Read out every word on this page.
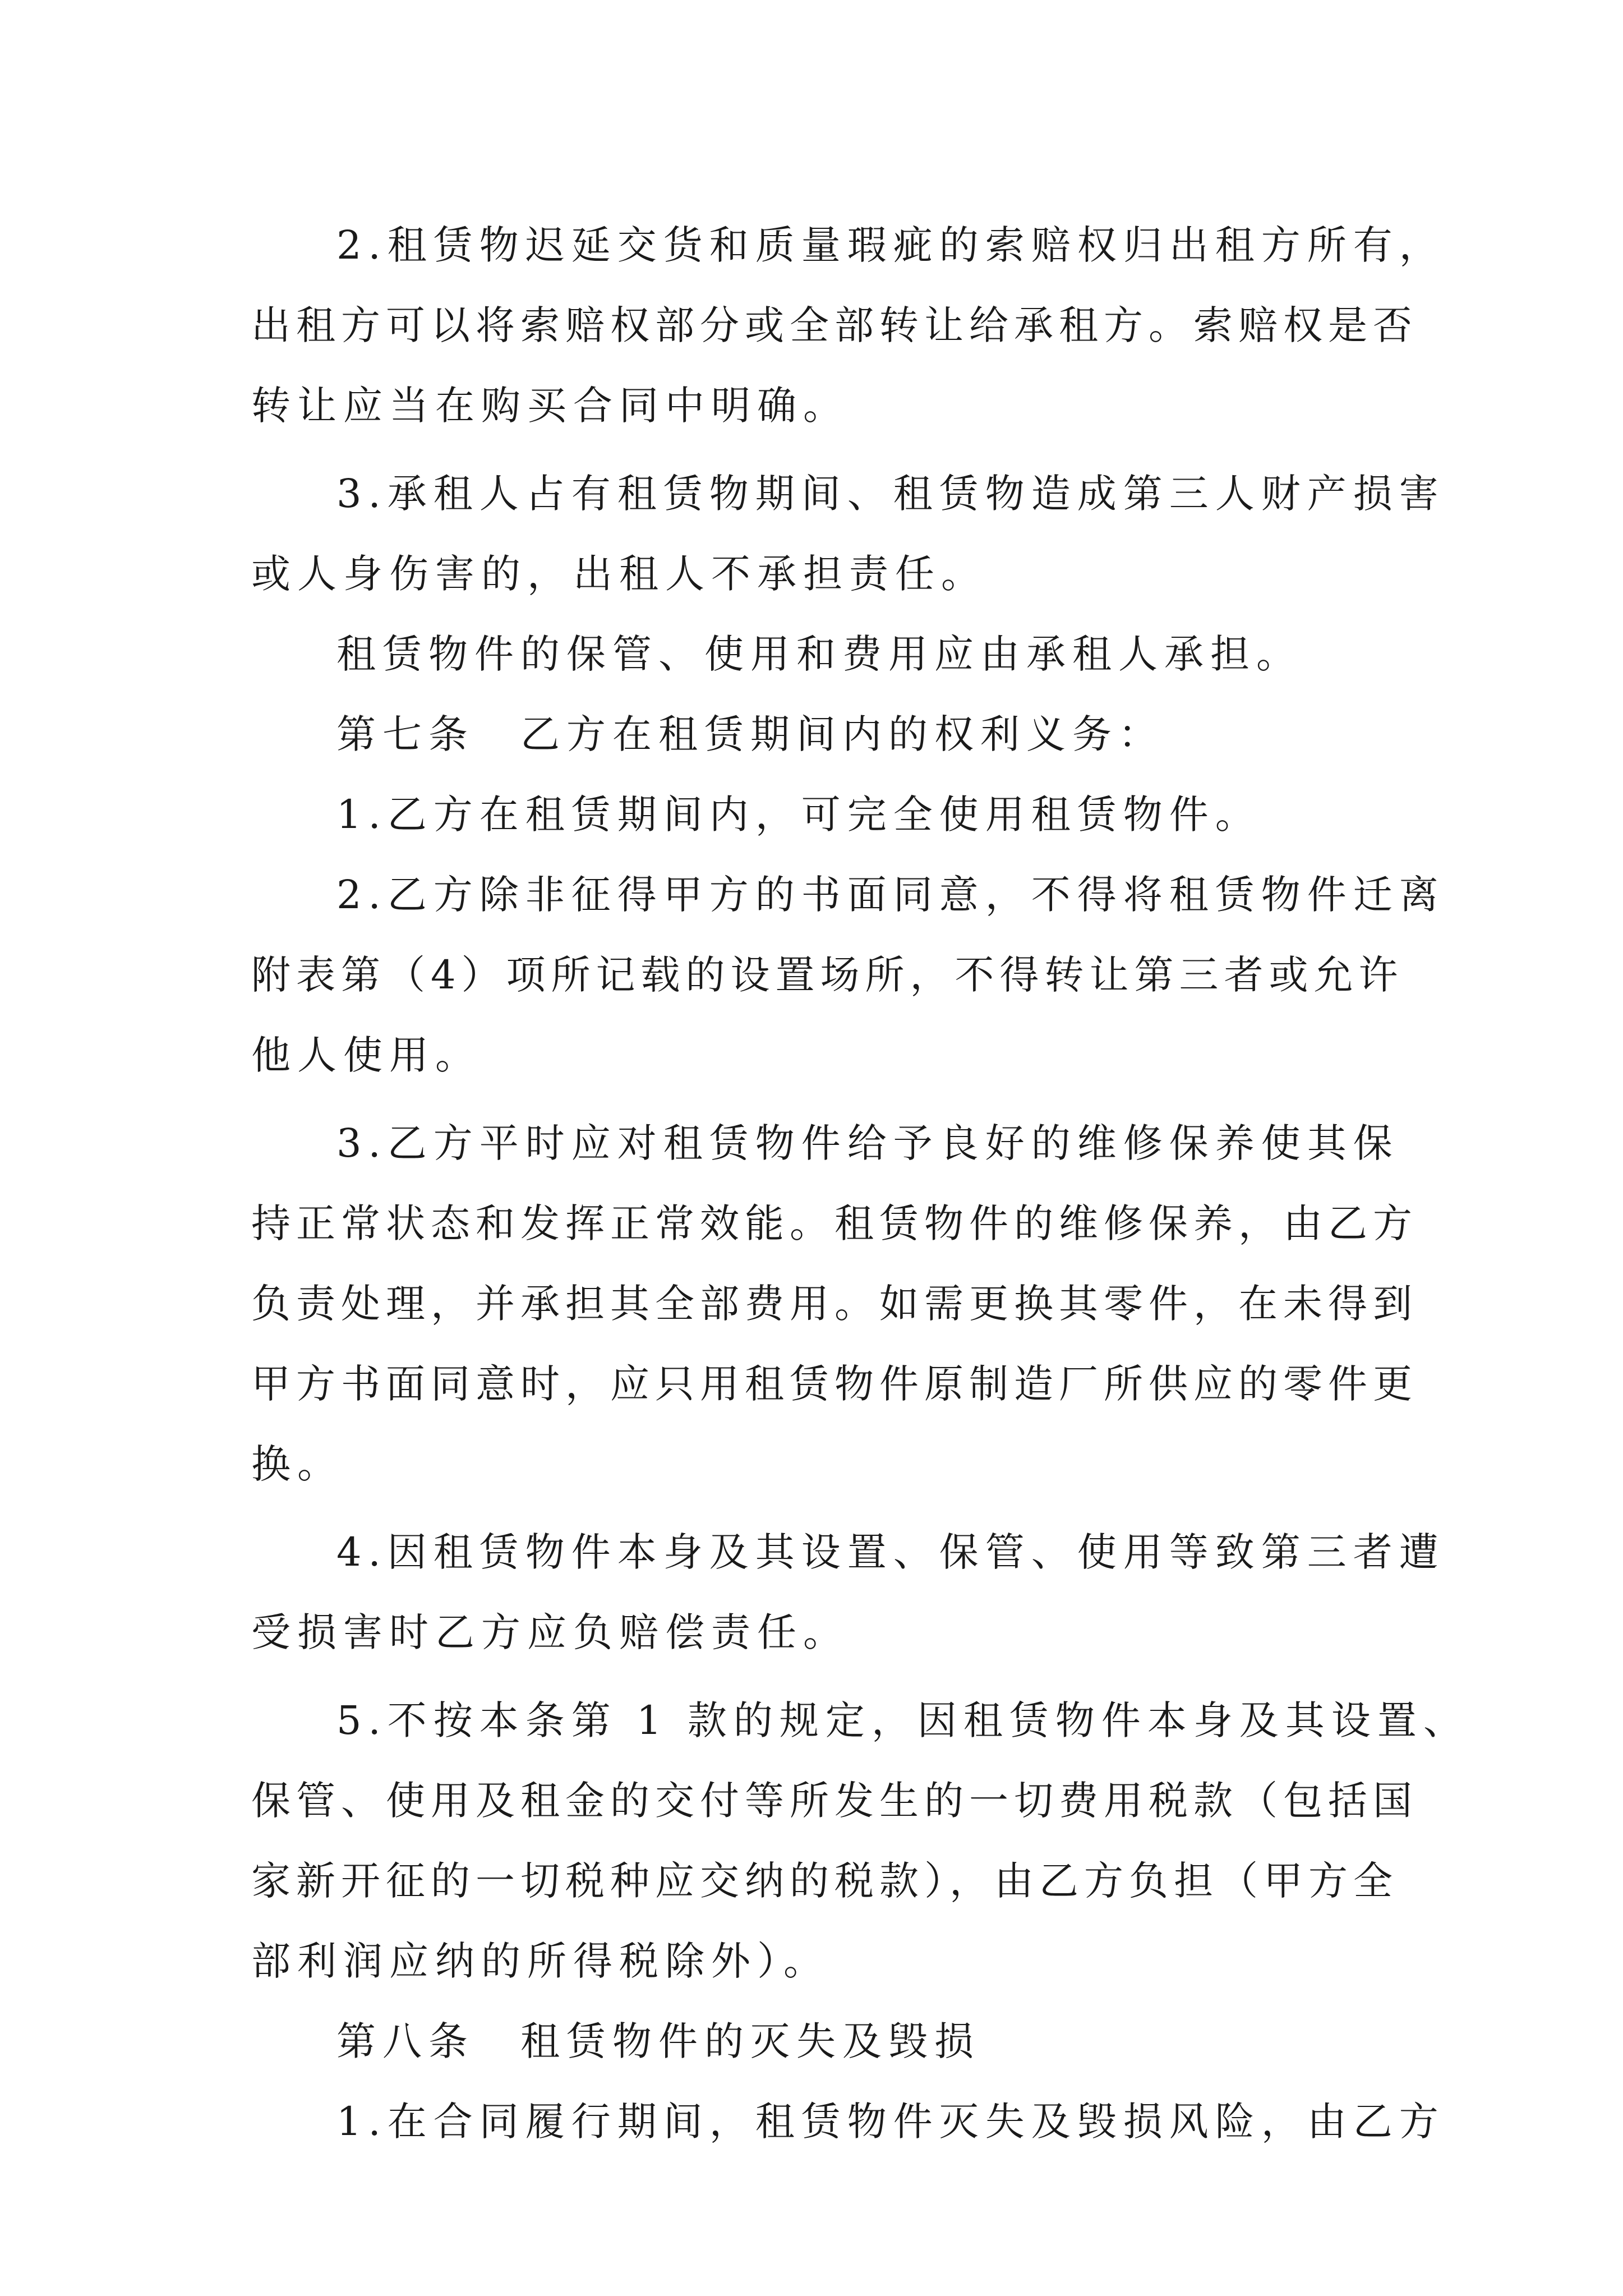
2.租赁物迟延交货和质量瑕疵的索赔权归出租方所有，
出租方可以将索赔权部分或全部转让给承租方。索赔权是否
转让应当在购买合同中明确。
3.承租人占有租赁物期间、租赁物造成第三人财产损害
或人身伤害的，出租人不承担责任。
租赁物件的保管、使用和费用应由承租人承担。
第七条　乙方在租赁期间内的权利义务：
1.乙方在租赁期间内，可完全使用租赁物件。
2.乙方除非征得甲方的书面同意，不得将租赁物件迁离
附表第（4）项所记载的设置场所，不得转让第三者或允许
他人使用。
3.乙方平时应对租赁物件给予良好的维修保养使其保
持正常状态和发挥正常效能。租赁物件的维修保养，由乙方
负责处理，并承担其全部费用。如需更换其零件，在未得到
甲方书面同意时，应只用租赁物件原制造厂所供应的零件更
换。
4.因租赁物件本身及其设置、保管、使用等致第三者遭
受损害时乙方应负赔偿责任。
5.不按本条第 1 款的规定，因租赁物件本身及其设置、
保管、使用及租金的交付等所发生的一切费用税款（包括国
家新开征的一切税种应交纳的税款），由乙方负担（甲方全
部利润应纳的所得税除外）。
第八条　租赁物件的灭失及毁损
1.在合同履行期间，租赁物件灭失及毁损风险，由乙方
